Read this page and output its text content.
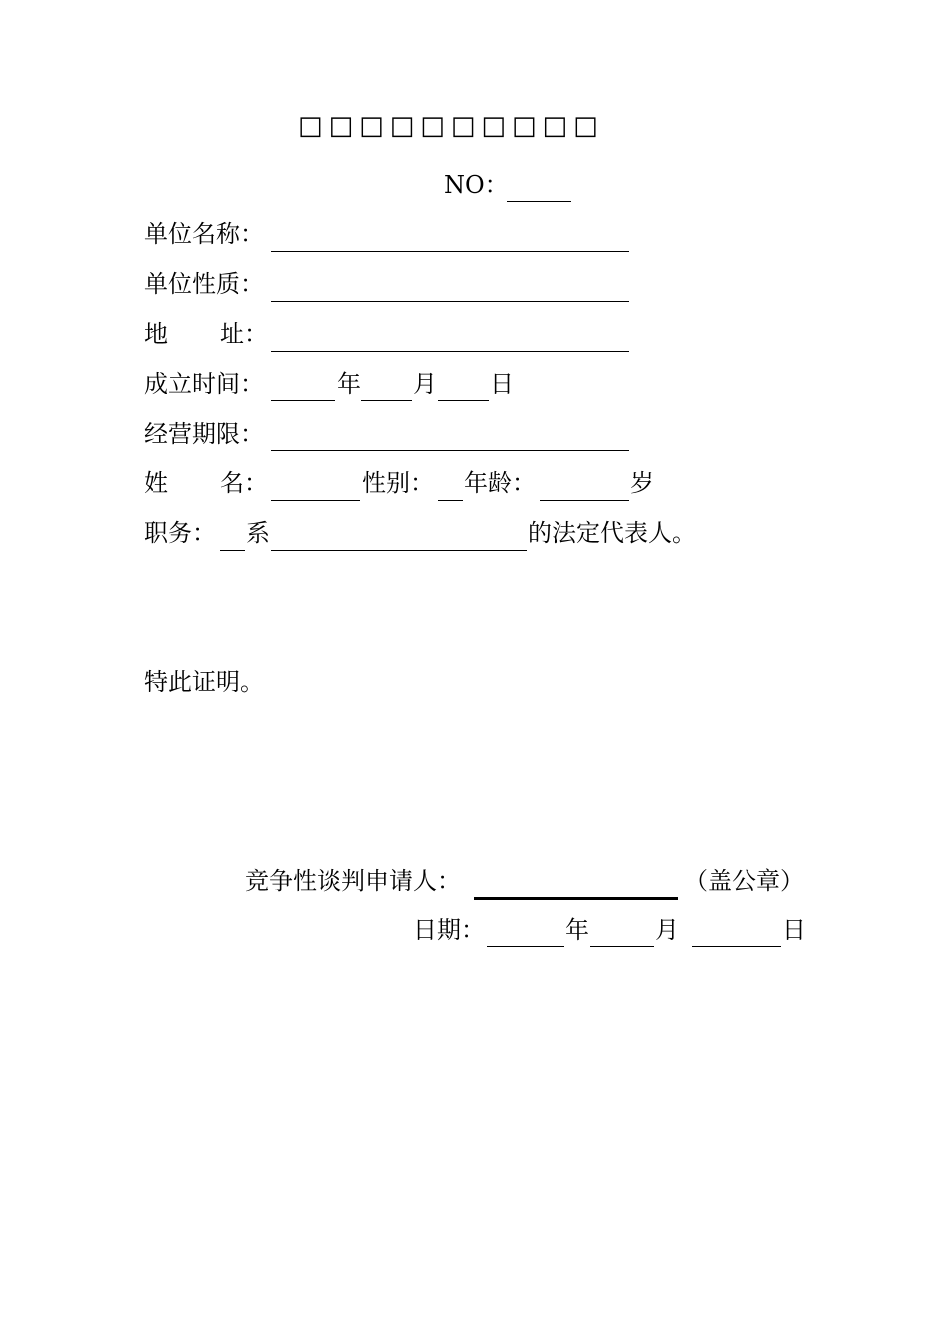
□□□□□□□□□□
NO：
单位名称：
单位性质：
地 址：
成立时间：	年 月 日
经营期限：
姓 名：	性别： 年龄：	岁
职务： 系	的法定代表人。
特此证明。
竞争性谈判申请人：	（盖公章）
日期：	年	月	日
